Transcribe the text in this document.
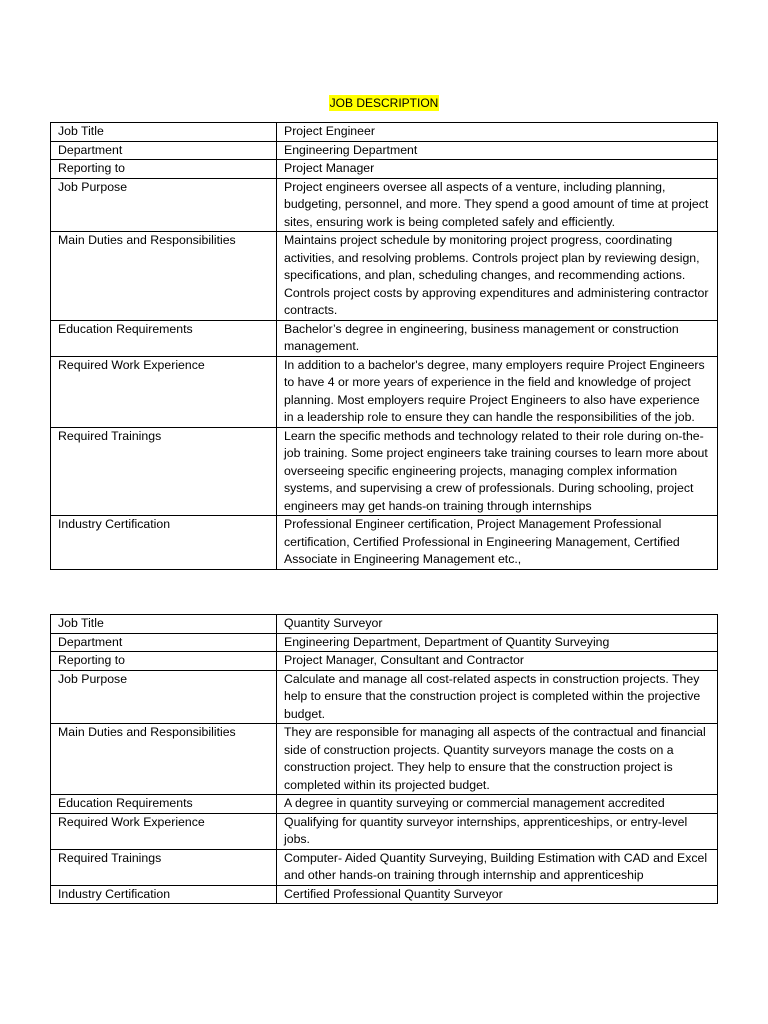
JOB DESCRIPTION
Job Title	Project Engineer
Department	Engineering Department
Reporting to	Project Manager
Job Purpose	Project engineers oversee all aspects of a venture, including planning, budgeting, personnel, and more. They spend a good amount of time at project sites, ensuring work is being completed safely and efficiently.
Main Duties and Responsibilities	Maintains project schedule by monitoring project progress, coordinating activities, and resolving problems. Controls project plan by reviewing design, specifications, and plan, scheduling changes, and recommending actions. Controls project costs by approving expenditures and administering contractor contracts.
Education Requirements	Bachelor’s degree in engineering, business management or construction management.
Required Work Experience	In addition to a bachelor's degree, many employers require Project Engineers to have 4 or more years of experience in the field and knowledge of project planning. Most employers require Project Engineers to also have experience in a leadership role to ensure they can handle the responsibilities of the job.
Required Trainings	Learn the specific methods and technology related to their role during on-the-job training. Some project engineers take training courses to learn more about overseeing specific engineering projects, managing complex information systems, and supervising a crew of professionals. During schooling, project engineers may get hands-on training through internships
Industry Certification	Professional Engineer certification, Project Management Professional certification, Certified Professional in Engineering Management, Certified Associate in Engineering Management etc.,
Job Title	Quantity Surveyor
Department	Engineering Department, Department of Quantity Surveying
Reporting to	Project Manager, Consultant and Contractor
Job Purpose	Calculate and manage all cost-related aspects in construction projects. They help to ensure that the construction project is completed within the projective budget.
Main Duties and Responsibilities	They are responsible for managing all aspects of the contractual and financial side of construction projects. Quantity surveyors manage the costs on a construction project. They help to ensure that the construction project is completed within its projected budget.
Education Requirements	A degree in quantity surveying or commercial management accredited
Required Work Experience	Qualifying for quantity surveyor internships, apprenticeships, or entry-level jobs.
Required Trainings	Computer- Aided Quantity Surveying, Building Estimation with CAD and Excel and other hands-on training through internship and apprenticeship
Industry Certification	Certified Professional Quantity Surveyor
